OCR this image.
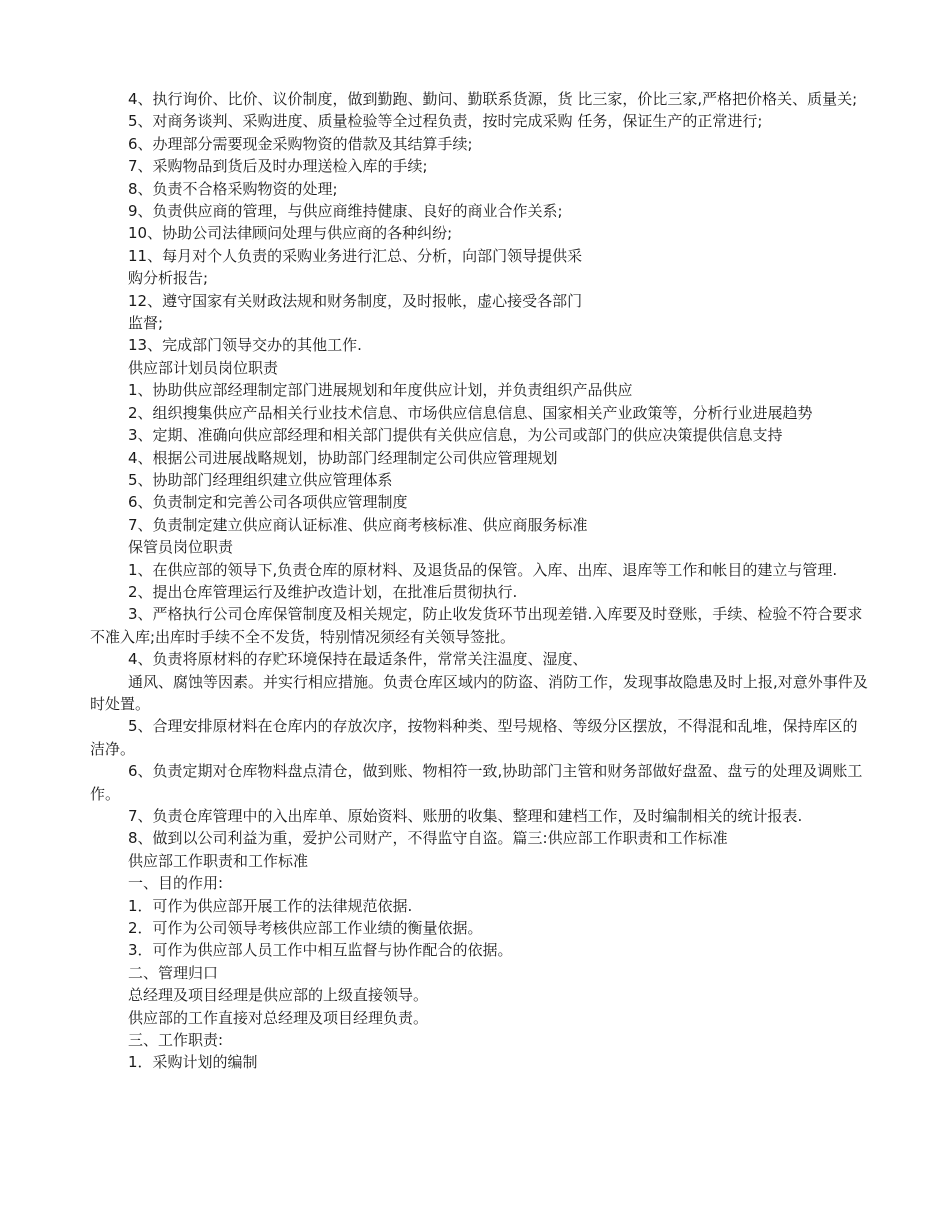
4、执行询价、比价、议价制度，做到勤跑、勤问、勤联系货源，货 比三家，价比三家,严格把价格关、质量关;

5、对商务谈判、采购进度、质量检验等全过程负责，按时完成采购 任务，保证生产的正常进行;

6、办理部分需要现金采购物资的借款及其结算手续;

7、采购物品到货后及时办理送检入库的手续;

8、负责不合格采购物资的处理;

9、负责供应商的管理，与供应商维持健康、良好的商业合作关系;

10、协助公司法律顾问处理与供应商的各种纠纷;

11、每月对个人负责的采购业务进行汇总、分析，向部门领导提供采

购分析报告;

12、遵守国家有关财政法规和财务制度，及时报帐，虚心接受各部门

监督;

13、完成部门领导交办的其他工作.

供应部计划员岗位职责

1、协助供应部经理制定部门进展规划和年度供应计划，并负责组织产品供应

2、组织搜集供应产品相关行业技术信息、市场供应信息信息、国家相关产业政策等，分析行业进展趋势

3、定期、准确向供应部经理和相关部门提供有关供应信息，为公司或部门的供应决策提供信息支持

4、根据公司进展战略规划，协助部门经理制定公司供应管理规划

5、协助部门经理组织建立供应管理体系

6、负责制定和完善公司各项供应管理制度

7、负责制定建立供应商认证标准、供应商考核标准、供应商服务标准

保管员岗位职责

1、在供应部的领导下,负责仓库的原材料、及退货品的保管。入库、出库、退库等工作和帐目的建立与管理.

2、提出仓库管理运行及维护改造计划，在批准后贯彻执行.

3、严格执行公司仓库保管制度及相关规定，防止收发货环节出现差错.入库要及时登账，手续、检验不符合要求不准入库;出库时手续不全不发货，特别情况须经有关领导签批。

4、负责将原材料的存贮环境保持在最适条件，常常关注温度、湿度、

通风、腐蚀等因素。并实行相应措施。负责仓库区域内的防盗、消防工作，发现事故隐患及时上报,对意外事件及时处置。

5、合理安排原材料在仓库内的存放次序，按物料种类、型号规格、等级分区摆放，不得混和乱堆，保持库区的洁净。

6、负责定期对仓库物料盘点清仓，做到账、物相符一致,协助部门主管和财务部做好盘盈、盘亏的处理及调账工作。

7、负责仓库管理中的入出库单、原始资料、账册的收集、整理和建档工作，及时编制相关的统计报表.

8、做到以公司利益为重，爱护公司财产，不得监守自盗。篇三:供应部工作职责和工作标准

供应部工作职责和工作标准

一、目的作用:

1．可作为供应部开展工作的法律规范依据.

2．可作为公司领导考核供应部工作业绩的衡量依据。

3．可作为供应部人员工作中相互监督与协作配合的依据。

二、管理归口

总经理及项目经理是供应部的上级直接领导。

供应部的工作直接对总经理及项目经理负责。

三、工作职责:

1．采购计划的编制
